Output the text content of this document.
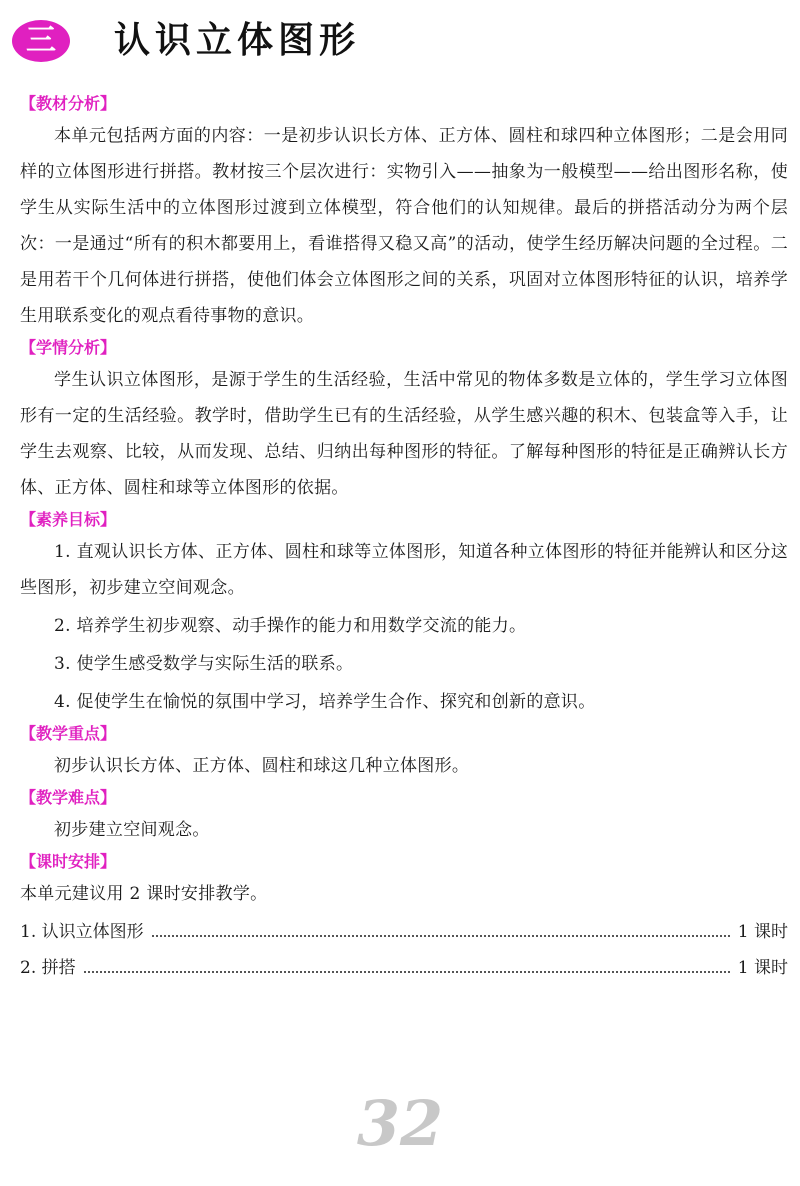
三	认识立体图形
【教材分析】

本单元包括两方面的内容：一是初步认识长方体、正方体、圆柱和球四种立体图形；二是会用同样的立体图形进行拼搭。教材按三个层次进行：实物引入——抽象为一般模型——给出图形名称，使学生从实际生活中的立体图形过渡到立体模型，符合他们的认知规律。最后的拼搭活动分为两个层次：一是通过“所有的积木都要用上，看谁搭得又稳又高”的活动，使学生经历解决问题的全过程。二是用若干个几何体进行拼搭，使他们体会立体图形之间的关系，巩固对立体图形特征的认识，培养学生用联系变化的观点看待事物的意识。

【学情分析】

学生认识立体图形，是源于学生的生活经验，生活中常见的物体多数是立体的，学生学习立体图形有一定的生活经验。教学时，借助学生已有的生活经验，从学生感兴趣的积木、包装盒等入手，让学生去观察、比较，从而发现、总结、归纳出每种图形的特征。了解每种图形的特征是正确辨认长方体、正方体、圆柱和球等立体图形的依据。

【素养目标】

1. 直观认识长方体、正方体、圆柱和球等立体图形，知道各种立体图形的特征并能辨认和区分这些图形，初步建立空间观念。

2. 培养学生初步观察、动手操作的能力和用数学交流的能力。

3. 使学生感受数学与实际生活的联系。

4. 促使学生在愉悦的氛围中学习，培养学生合作、探究和创新的意识。

【教学重点】

初步认识长方体、正方体、圆柱和球这几种立体图形。

【教学难点】

初步建立空间观念。

【课时安排】

本单元建议用 2 课时安排教学。

1. 认识立体图形	1 课时
2. 拼搭	1 课时
32
